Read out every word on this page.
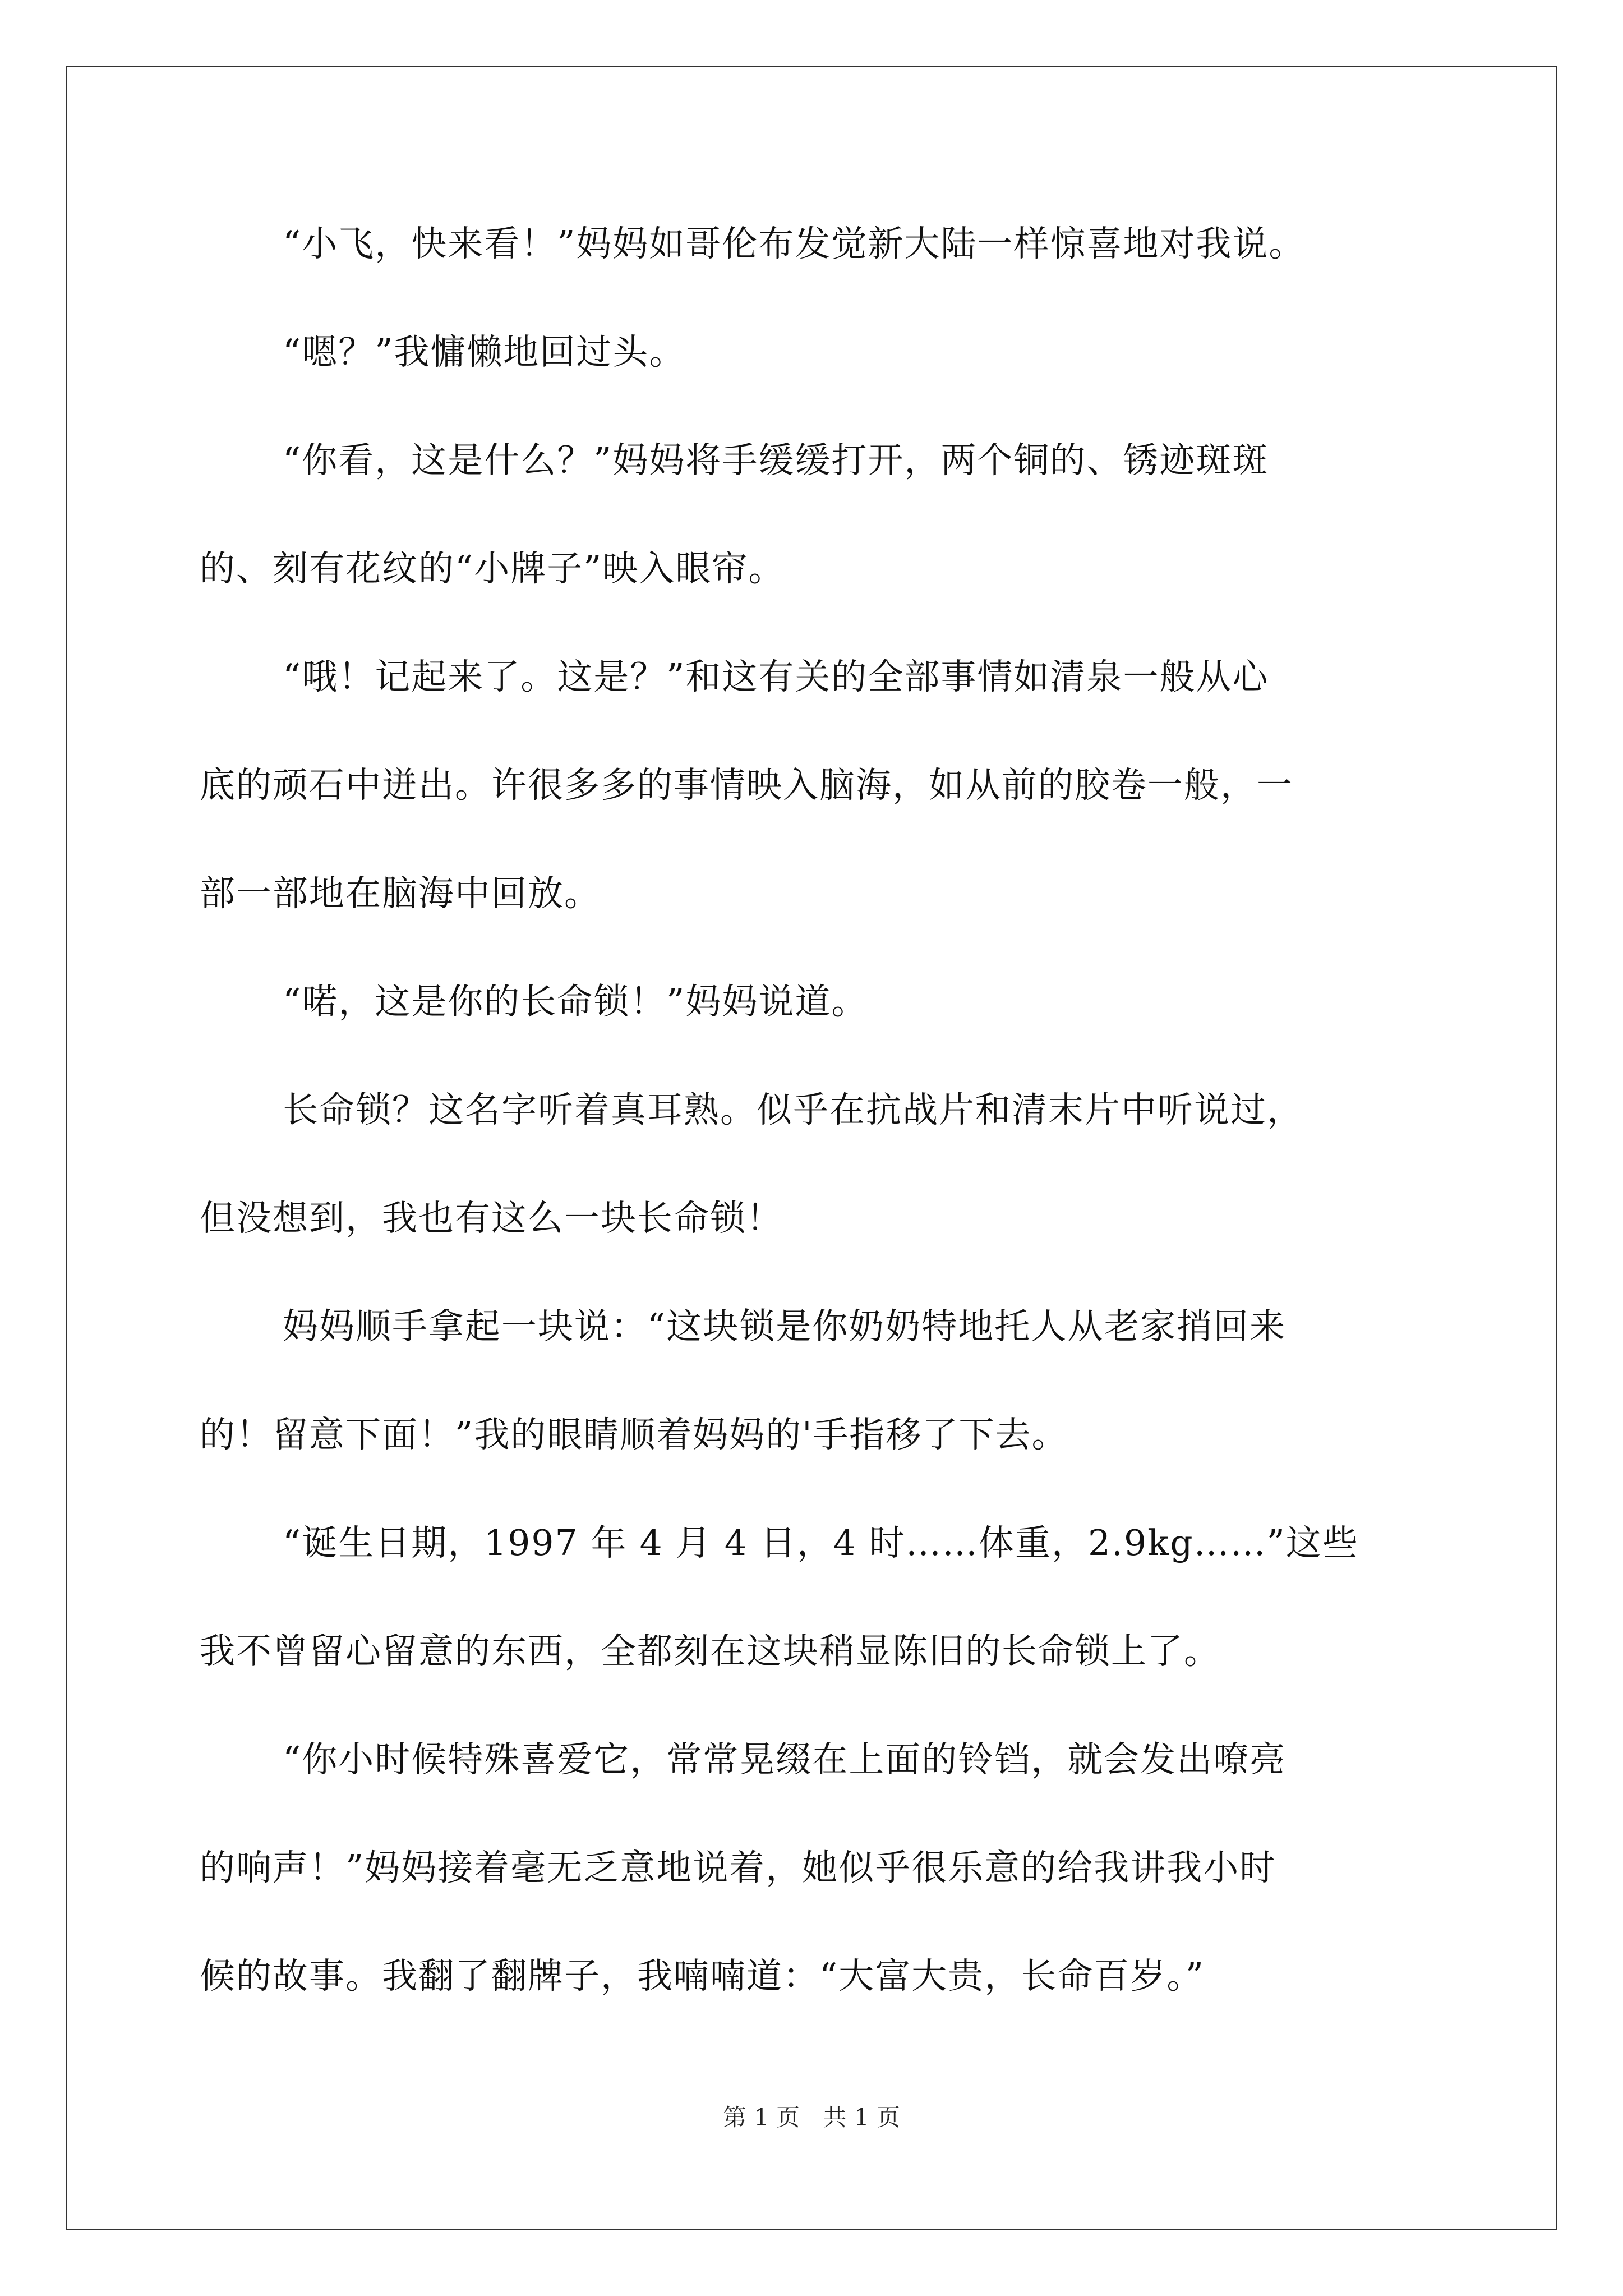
“小飞，快来看！”妈妈如哥伦布发觉新大陆一样惊喜地对我说。
“嗯？”我慵懒地回过头。
“你看，这是什么？”妈妈将手缓缓打开，两个铜的、锈迹斑斑
的、刻有花纹的“小牌子”映入眼帘。
“哦！记起来了。这是？”和这有关的全部事情如清泉一般从心
底的顽石中迸出。许很多多的事情映入脑海，如从前的胶卷一般，一
部一部地在脑海中回放。
“喏，这是你的长命锁！”妈妈说道。
长命锁？这名字听着真耳熟。似乎在抗战片和清末片中听说过，
但没想到，我也有这么一块长命锁！
妈妈顺手拿起一块说：“这块锁是你奶奶特地托人从老家捎回来
的！留意下面！”我的眼睛顺着妈妈的'手指移了下去。
“诞生日期，1997 年 4 月 4 日，4 时……体重，2.9kg……”这些
我不曾留心留意的东西，全都刻在这块稍显陈旧的长命锁上了。
“你小时候特殊喜爱它，常常晃缀在上面的铃铛，就会发出嘹亮
的响声！”妈妈接着毫无乏意地说着，她似乎很乐意的给我讲我小时
候的故事。我翻了翻牌子，我喃喃道：“大富大贵，长命百岁。”
第 1 页 共 1 页
